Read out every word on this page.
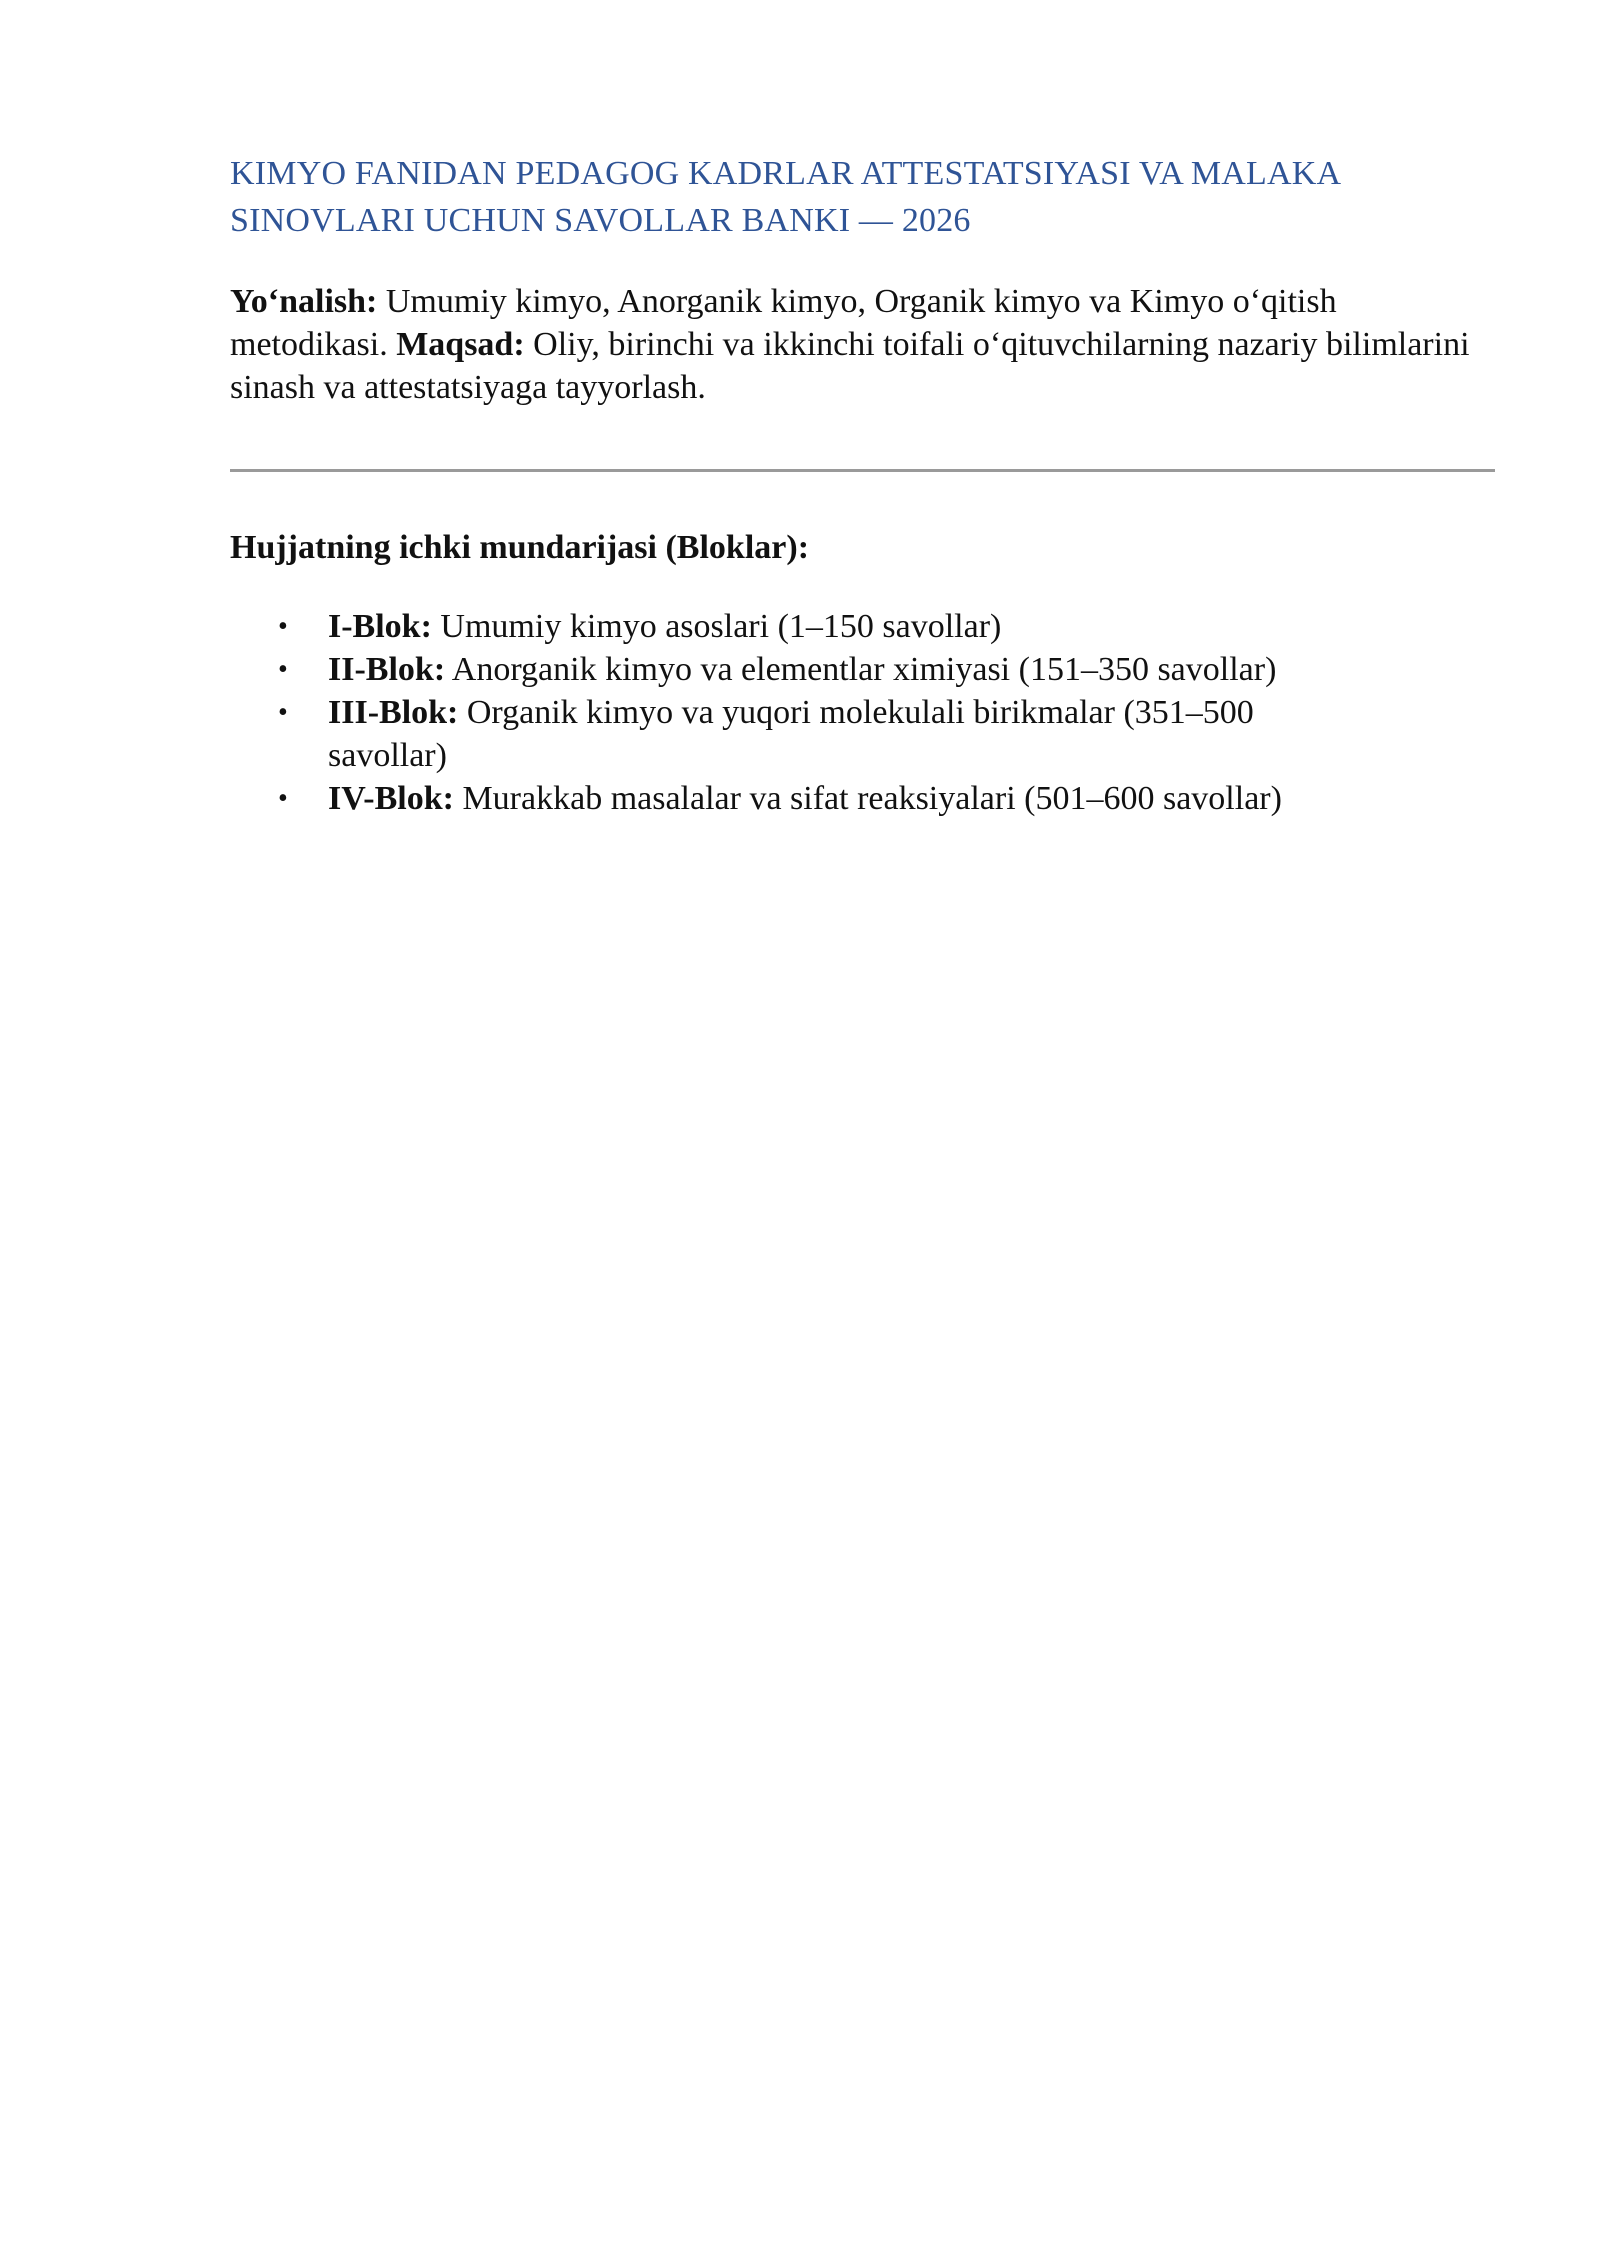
KIMYO FANIDAN PEDAGOG KADRLAR ATTESTATSIYASI VA MALAKA SINOVLARI UCHUN SAVOLLAR BANKI — 2026

Yo‘nalish: Umumiy kimyo, Anorganik kimyo, Organik kimyo va Kimyo o‘qitish metodikasi. Maqsad: Oliy, birinchi va ikkinchi toifali o‘qituvchilarning nazariy bilimlarini sinash va attestatsiyaga tayyorlash.

Hujjatning ichki mundarijasi (Bloklar):

• I-Blok: Umumiy kimyo asoslari (1–150 savollar)
• II-Blok: Anorganik kimyo va elementlar ximiyasi (151–350 savollar)
• III-Blok: Organik kimyo va yuqori molekulali birikmalar (351–500 savollar)
• IV-Blok: Murakkab masalalar va sifat reaksiyalari (501–600 savollar)
